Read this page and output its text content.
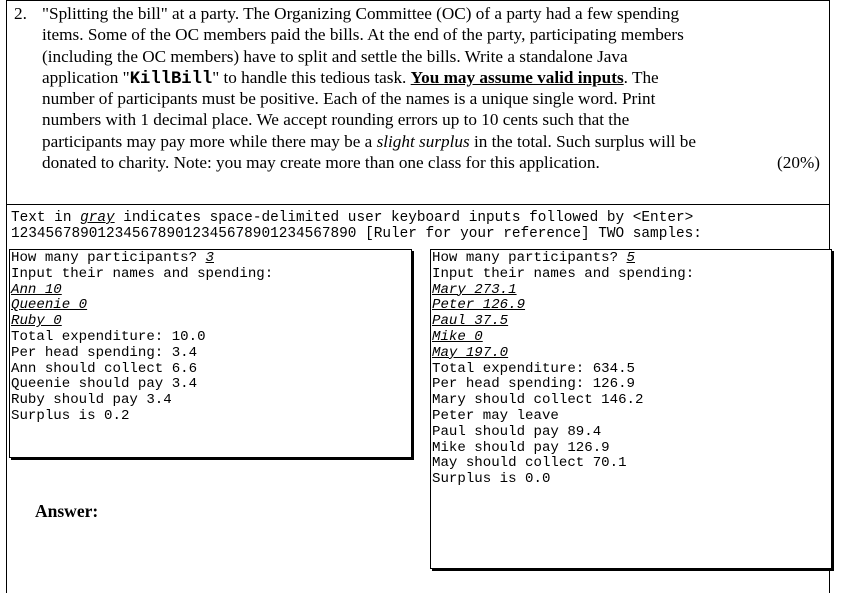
2. "Splitting the bill" at a party. The Organizing Committee (OC) of a party had a few spending
items. Some of the OC members paid the bills. At the end of the party, participating members
(including the OC members) have to split and settle the bills. Write a standalone Java
application "KillBill" to handle this tedious task. You may assume valid inputs. The
number of participants must be positive. Each of the names is a unique single word. Print
numbers with 1 decimal place. We accept rounding errors up to 10 cents such that the
participants may pay more while there may be a slight surplus in the total. Such surplus will be
donated to charity. Note: you may create more than one class for this application.	(20%)
Text in gray indicates space-delimited user keyboard inputs followed by <Enter>
1234567890123456789012345678901234567890 [Ruler for your reference] TWO samples:
How many participants? 3
Input their names and spending:
Ann 10
Queenie 0
Ruby 0
Total expenditure: 10.0
Per head spending: 3.4
Ann should collect 6.6
Queenie should pay 3.4
Ruby should pay 3.4
Surplus is 0.2
How many participants? 5
Input their names and spending:
Mary 273.1
Peter 126.9
Paul 37.5
Mike 0
May 197.0
Total expenditure: 634.5
Per head spending: 126.9
Mary should collect 146.2
Peter may leave
Paul should pay 89.4
Mike should pay 126.9
May should collect 70.1
Surplus is 0.0
Answer:
